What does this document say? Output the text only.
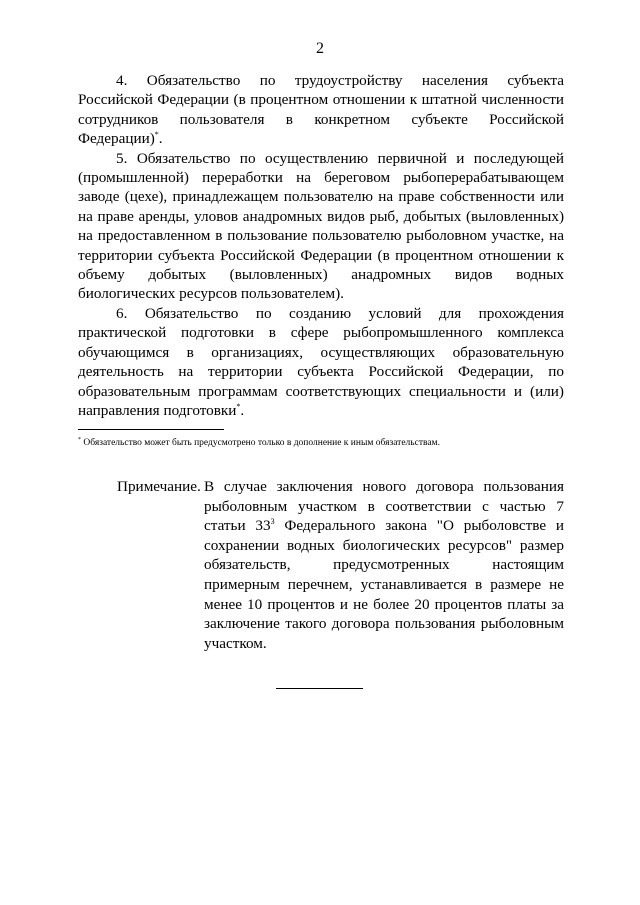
2

4. Обязательство по трудоустройству населения субъекта Российской Федерации (в процентном отношении к штатной численности сотрудников пользователя в конкретном субъекте Российской Федерации)*.

5. Обязательство по осуществлению первичной и последующей (промышленной) переработки на береговом рыбоперерабатывающем заводе (цехе), принадлежащем пользователю на праве собственности или на праве аренды, уловов анадромных видов рыб, добытых (выловленных) на предоставленном в пользование пользователю рыболовном участке, на территории субъекта Российской Федерации (в процентном отношении к объему добытых (выловленных) анадромных видов водных биологических ресурсов пользователем).

6. Обязательство по созданию условий для прохождения практической подготовки в сфере рыбопромышленного комплекса обучающимся в организациях, осуществляющих образовательную деятельность на территории субъекта Российской Федерации, по образовательным программам соответствующих специальности и (или) направления подготовки*.

* Обязательство может быть предусмотрено только в дополнение к иным обязательствам.
Примечание. В случае заключения нового договора пользования рыболовным участком в соответствии с частью 7 статьи $33^3$ Федерального закона "О рыболовстве и сохранении водных биологических ресурсов" размер обязательств, предусмотренных настоящим примерным перечнем, устанавливается в размере не менее 10 процентов и не более 20 процентов платы за заключение такого договора пользования рыболовным участком.
